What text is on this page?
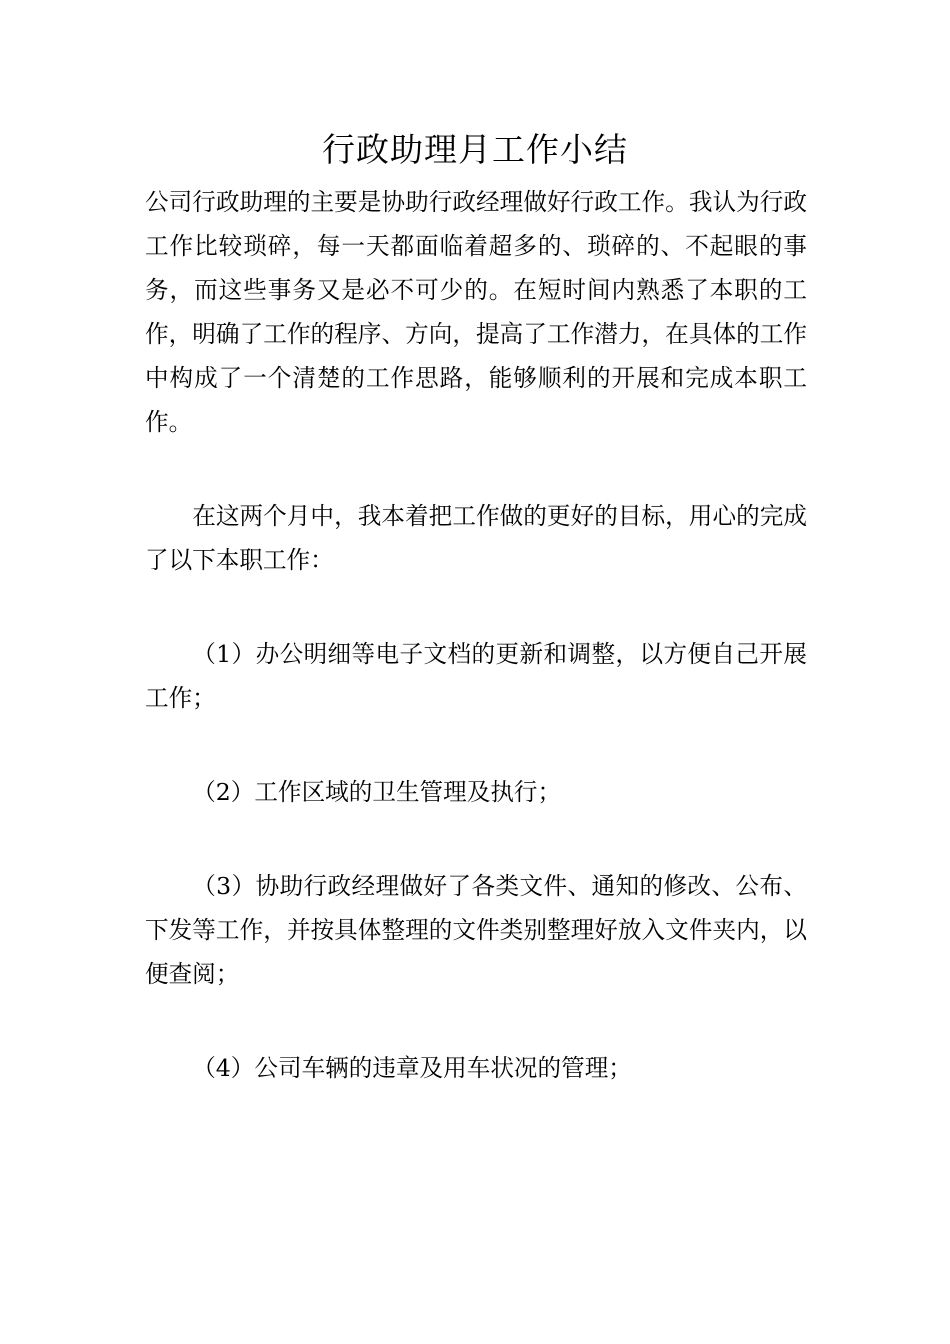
行政助理月工作小结

公司行政助理的主要是协助行政经理做好行政工作。我认为行政工作比较琐碎，每一天都面临着超多的、琐碎的、不起眼的事务，而这些事务又是必不可少的。在短时间内熟悉了本职的工作，明确了工作的程序、方向，提高了工作潜力，在具体的工作中构成了一个清楚的工作思路，能够顺利的开展和完成本职工作。

在这两个月中，我本着把工作做的更好的目标，用心的完成了以下本职工作：

（1）办公明细等电子文档的更新和调整，以方便自己开展工作；

（2）工作区域的卫生管理及执行；

（3）协助行政经理做好了各类文件、通知的修改、公布、下发等工作，并按具体整理的文件类别整理好放入文件夹内，以便查阅；

（4）公司车辆的违章及用车状况的管理；
